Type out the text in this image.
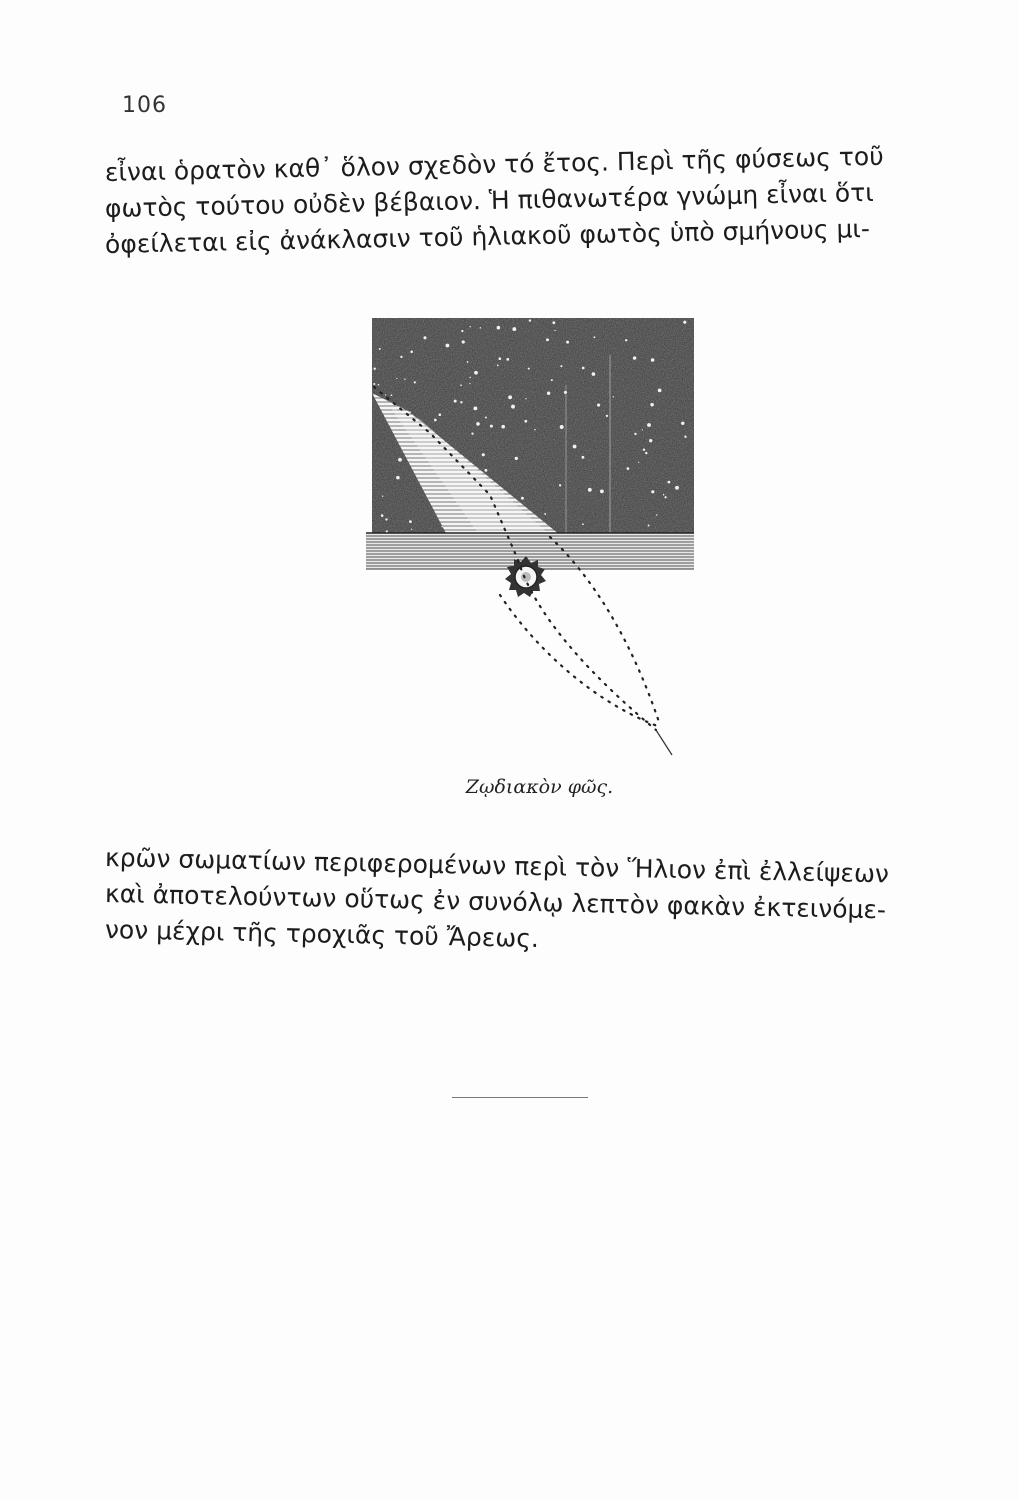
106
εἶναι ὁρατὸν καθ᾽ ὅλον σχεδὸν τό ἔτος. Περὶ τῆς φύσεως τοῦ
φωτὸς τούτου οὐδὲν βέβαιον. Ἡ πιθανωτέρα γνώμη εἶναι ὅτι
ὀφείλεται εἰς ἀνάκλασιν τοῦ ἡλιακοῦ φωτὸς ὑπὸ σμήνους μι-
Ζῳδιακὸν φῶς.
κρῶν σωματίων περιφερομένων περὶ τὸν Ἥλιον ἐπὶ ἐλλείψεων
καὶ ἀποτελούντων οὕτως ἐν συνόλῳ λεπτὸν φακὰν ἐκτεινόμε-
νον μέχρι τῆς τροχιᾶς τοῦ Ἄρεως.
